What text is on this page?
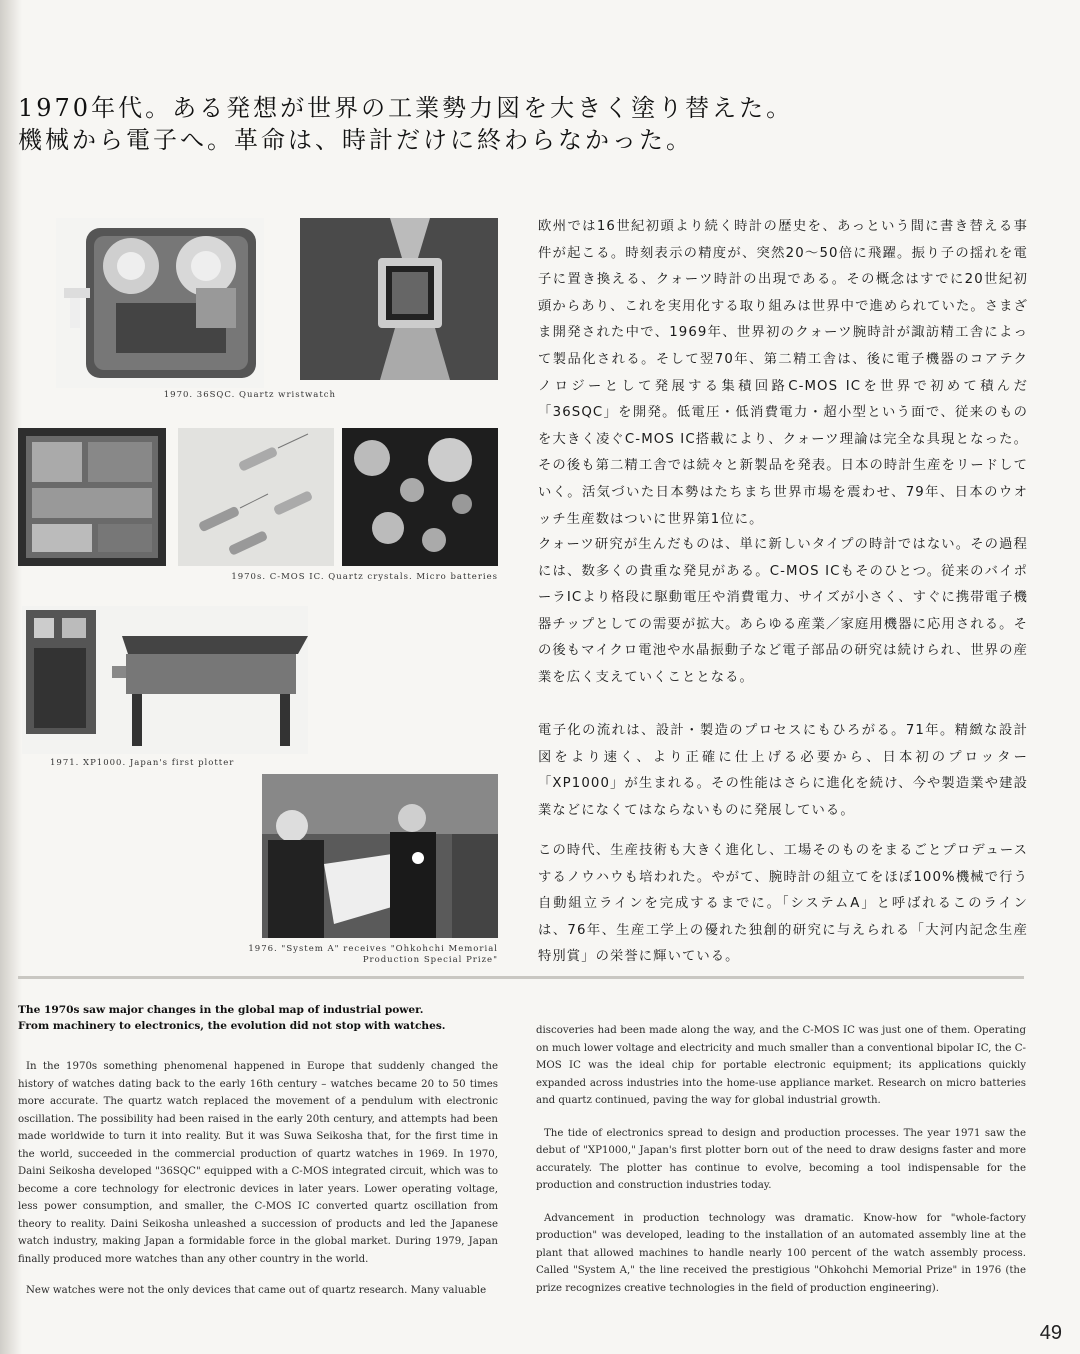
1970年代。ある発想が世界の工業勢力図を大きく塗り替えた。
機械から電子へ。革命は、時計だけに終わらなかった。
1970. 36SQC. Quartz wristwatch
1970s. C-MOS IC. Quartz crystals. Micro batteries
1971. XP1000. Japan's first plotter
1976. "System A" receives "Ohkohchi Memorial
Production Special Prize"
欧州では16世紀初頭より続く時計の歴史を、あっという間に書き替える事件が起こる。時刻表示の精度が、突然20～50倍に飛躍。振り子の揺れを電子に置き換える、クォーツ時計の出現である。その概念はすでに20世紀初頭からあり、これを実用化する取り組みは世界中で進められていた。さまざま開発された中で、1969年、世界初のクォーツ腕時計が諏訪精工舎によって製品化される。そして翌70年、第二精工舎は、後に電子機器のコアテクノロジーとして発展する集積回路C-MOS ICを世界で初めて積んだ「36SQC」を開発。低電圧・低消費電力・超小型という面で、従来のものを大きく凌ぐC-MOS IC搭載により、クォーツ理論は完全な具現となった。その後も第二精工舎では続々と新製品を発表。日本の時計生産をリードしていく。活気づいた日本勢はたちまち世界市場を震わせ、79年、日本のウオッチ生産数はついに世界第1位に。
クォーツ研究が生んだものは、単に新しいタイプの時計ではない。その過程には、数多くの貴重な発見がある。C-MOS ICもそのひとつ。従来のバイポーラICより格段に駆動電圧や消費電力、サイズが小さく、すぐに携帯電子機器チップとしての需要が拡大。あらゆる産業／家庭用機器に応用される。その後もマイクロ電池や水晶振動子など電子部品の研究は続けられ、世界の産業を広く支えていくこととなる。
電子化の流れは、設計・製造のプロセスにもひろがる。71年。精緻な設計図をより速く、より正確に仕上げる必要から、日本初のプロッター「XP1000」が生まれる。その性能はさらに進化を続け、今や製造業や建設業などになくてはならないものに発展している。
この時代、生産技術も大きく進化し、工場そのものをまるごとプロデュースするノウハウも培われた。やがて、腕時計の組立てをほぼ100%機械で行う自動組立ラインを完成するまでに。「システムA」と呼ばれるこのラインは、76年、生産工学上の優れた独創的研究に与えられる「大河内記念生産特別賞」の栄誉に輝いている。
The 1970s saw major changes in the global map of industrial power.
From machinery to electronics, the evolution did not stop with watches.

In the 1970s something phenomenal happened in Europe that suddenly changed the history of watches dating back to the early 16th century – watches became 20 to 50 times more accurate. The quartz watch replaced the movement of a pendulum with electronic oscillation. The possibility had been raised in the early 20th century, and attempts had been made worldwide to turn it into reality. But it was Suwa Seikosha that, for the first time in the world, succeeded in the commercial production of quartz watches in 1969. In 1970, Daini Seikosha developed "36SQC" equipped with a C-MOS integrated circuit, which was to become a core technology for electronic devices in later years. Lower operating voltage, less power consumption, and smaller, the C-MOS IC converted quartz oscillation from theory to reality. Daini Seikosha unleashed a succession of products and led the Japanese watch industry, making Japan a formidable force in the global market. During 1979, Japan finally produced more watches than any other country in the world.

New watches were not the only devices that came out of quartz research. Many valuable

discoveries had been made along the way, and the C-MOS IC was just one of them. Operating on much lower voltage and electricity and much smaller than a conventional bipolar IC, the C-MOS IC was the ideal chip for portable electronic equipment; its applications quickly expanded across industries into the home-use appliance market. Research on micro batteries and quartz continued, paving the way for global industrial growth.

The tide of electronics spread to design and production processes. The year 1971 saw the debut of "XP1000," Japan's first plotter born out of the need to draw designs faster and more accurately. The plotter has continue to evolve, becoming a tool indispensable for the production and construction industries today.

Advancement in production technology was dramatic. Know-how for "whole-factory production" was developed, leading to the installation of an automated assembly line at the plant that allowed machines to handle nearly 100 percent of the watch assembly process. Called "System A," the line received the prestigious "Ohkohchi Memorial Prize" in 1976 (the prize recognizes creative technologies in the field of production engineering).

49
